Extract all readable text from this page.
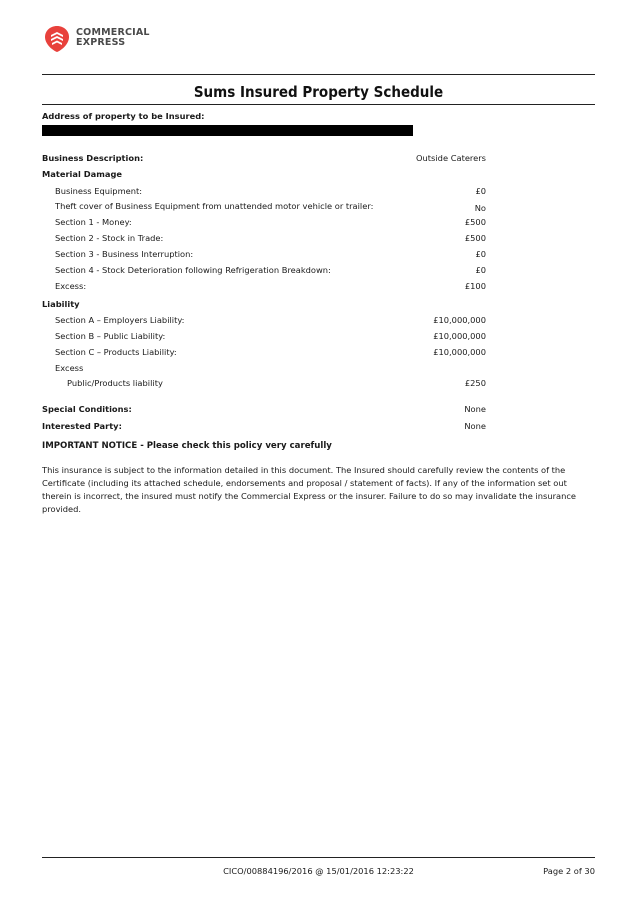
COMMERCIAL
EXPRESS
Sums Insured Property Schedule
Address of property to be Insured:
Business Description:	Outside Caterers
Material Damage
Business Equipment:	£0
Theft cover of Business Equipment from unattended motor vehicle or trailer:	No
Section 1 - Money:	£500
Section 2 - Stock in Trade:	£500
Section 3 - Business Interruption:	£0
Section 4 - Stock Deterioration following Refrigeration Breakdown:	£0
Excess:	£100
Liability
Section A – Employers Liability:	£10,000,000
Section B – Public Liability:	£10,000,000
Section C – Products Liability:	£10,000,000
Excess
Public/Products liability	£250
Special Conditions:	None
Interested Party:	None
IMPORTANT NOTICE - Please check this policy very carefully
This insurance is subject to the information detailed in this document. The Insured should carefully review the contents of the Certificate (including its attached schedule, endorsements and proposal / statement of facts). If any of the information set out therein is incorrect, the insured must notify the Commercial Express or the insurer. Failure to do so may invalidate the insurance provided.
CICO/00884196/2016 @ 15/01/2016 12:23:22	Page 2 of 30
